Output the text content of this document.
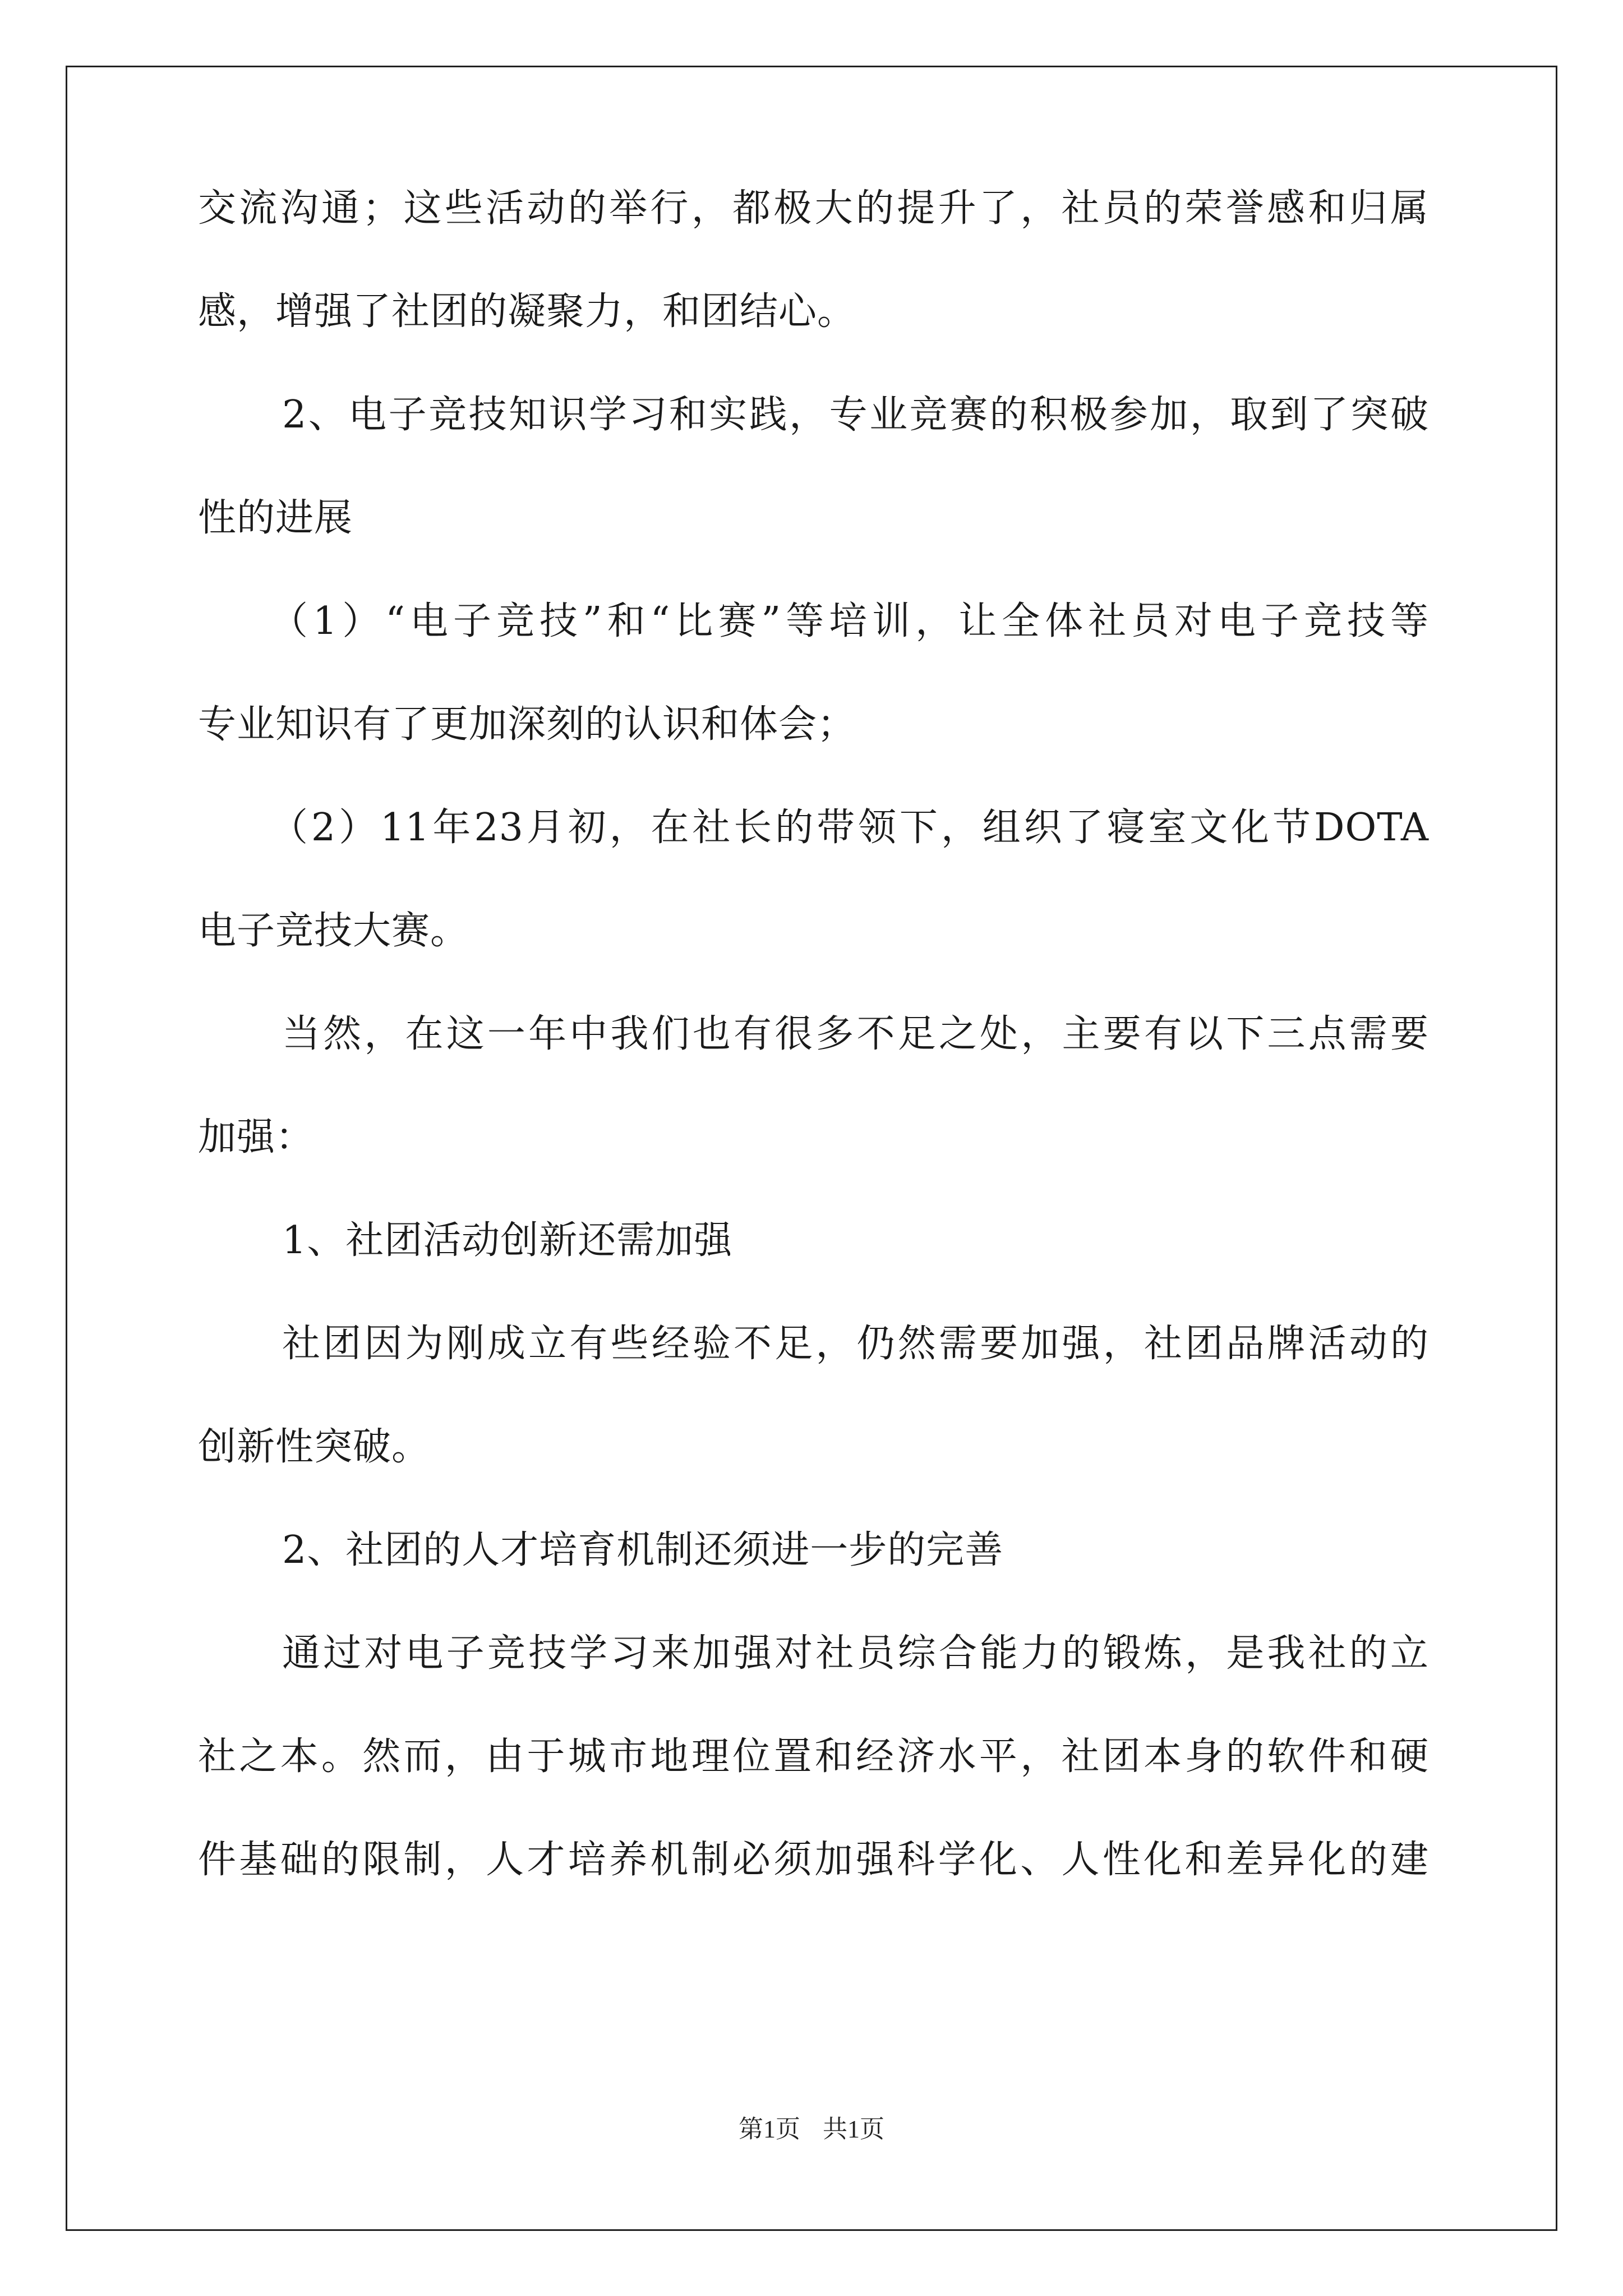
交流沟通；这些活动的举行，都极大的提升了，社员的荣誉感和归属
感，增强了社团的凝聚力，和团结心。
2、电子竞技知识学习和实践，专业竞赛的积极参加，取到了突破
性的进展
（1）“电子竞技”和“比赛”等培训，让全体社员对电子竞技等
专业知识有了更加深刻的认识和体会；
（2）11年23月初，在社长的带领下，组织了寝室文化节DOTA
电子竞技大赛。
当然，在这一年中我们也有很多不足之处，主要有以下三点需要
加强：
1、社团活动创新还需加强
社团因为刚成立有些经验不足，仍然需要加强，社团品牌活动的
创新性突破。
2、社团的人才培育机制还须进一步的完善
通过对电子竞技学习来加强对社员综合能力的锻炼，是我社的立
社之本。然而，由于城市地理位置和经济水平，社团本身的软件和硬
件基础的限制，人才培养机制必须加强科学化、人性化和差异化的建
第1页 共1页
